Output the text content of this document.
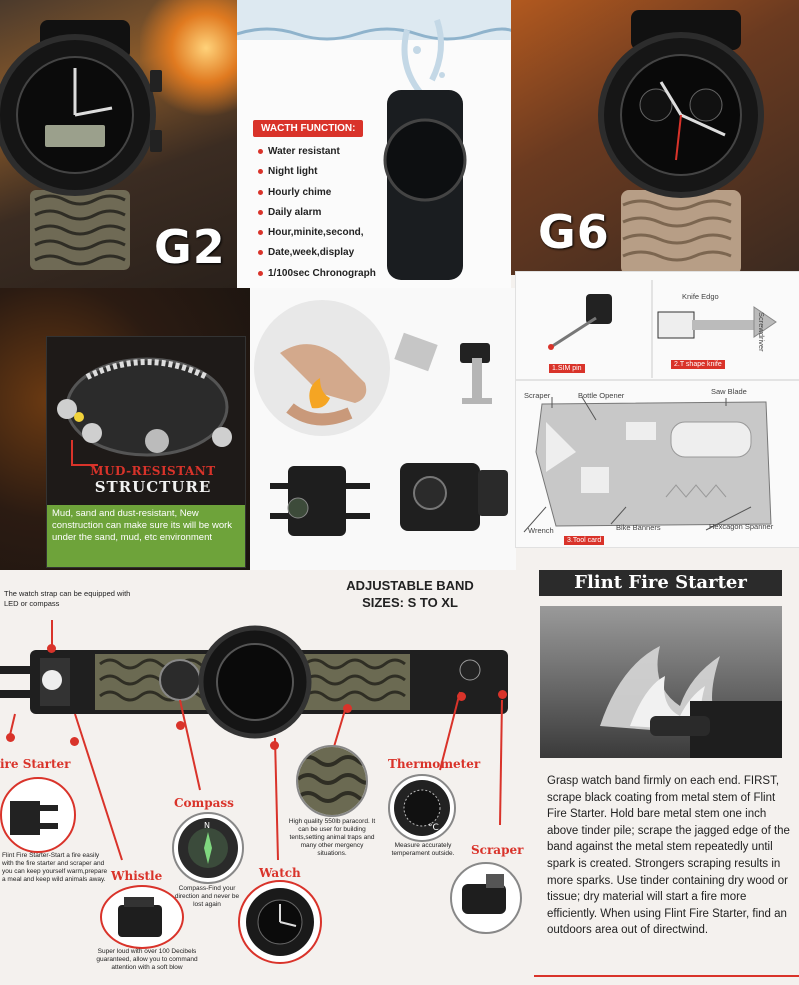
G2
WACTH FUNCTION:
Water resistant
Night light
Hourly chime
Daily alarm
Hour,minite,second,
Date,week,display
1/100sec Chronograph
G6
MUD-RESISTANT
STRUCTURE
Mud, sand and dust-resistant, New construction can make sure its will be work under the sand, mud, etc environment
1.SIM pin
2.T shape knife
3.Tool card
Knife Edgo
Screwdriver
Scraper	Bottle Opener	Saw Blade
Wrench	Bike Banners	Hexcagon Spanner
ADJUSTABLE BAND
SIZES: S TO XL
The watch strap can be equipped with LED or compass
ire Starter
Flint Fire Starter-Start a fire easily with the fire starter and scraper and you can keep yourself warm,prepare a meal and keep wild animals away. Whistle
Super loud with over 100 Decibels guaranteed, allow you to command attention with a soft blow
Compass
N
Compass-Find your direction and never be lost again
Watch
High quality 550lb paracord. It can be user for building tents,setting animal traps and many other mergency situations.
Thermometer
°C
Measure accurately temperament outside.	Scraper
Flint Fire Starter
Grasp watch band firmly on each end. FIRST, scrape black coating from metal stem of Flint Fire Starter. Hold bare metal stem one inch above tinder pile; scrape the jagged edge of the band against the metal stem repeatedly until spark is created. Strongers scraping results in more sparks. Use tinder containing dry wood or tissue; dry material will start a fire more efficiently. When using Flint Fire Starter, find an outdoors area out of directwind.
